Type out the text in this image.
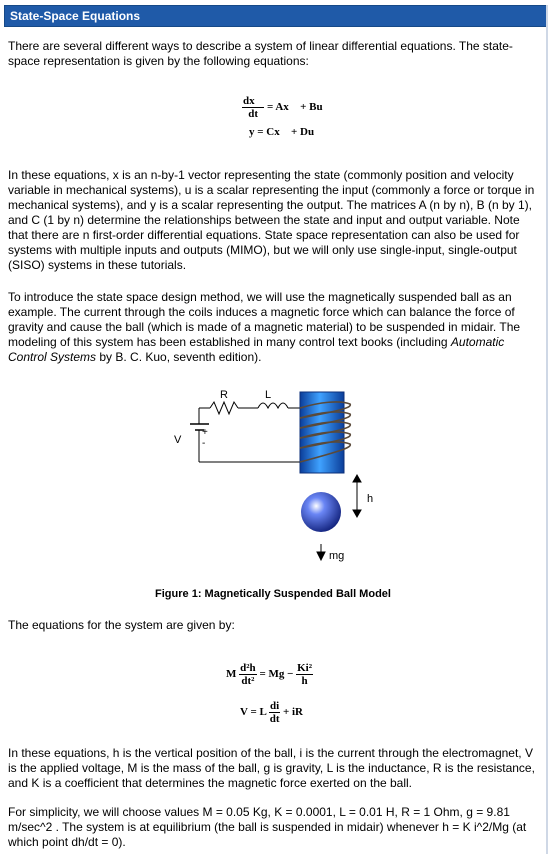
State-Space Equations

There are several different ways to describe a system of linear differential equations. The state-space representation is given by the following equations:

$\frac{dx⃗}{dt}$ = Ax⃗ + Bu
y = Cx⃗ + Du

In these equations, x is an n-by-1 vector representing the state (commonly position and velocity variable in mechanical systems), u is a scalar representing the input (commonly a force or torque in mechanical systems), and y is a scalar representing the output. The matrices A (n by n), B (n by 1), and C (1 by n) determine the relationships between the state and input and output variable. Note that there are n first-order differential equations. State space representation can also be used for systems with multiple inputs and outputs (MIMO), but we will only use single-input, single-output (SISO) systems in these tutorials.

To introduce the state space design method, we will use the magnetically suspended ball as an example. The current through the coils induces a magnetic force which can balance the force of gravity and cause the ball (which is made of a magnetic material) to be suspended in midair. The modeling of this system has been established in many control text books (including Automatic Control Systems by B. C. Kuo, seventh edition).

V
+
-
R	L
h
mg
Figure 1: Magnetically Suspended Ball Model

The equations for the system are given by:

M $\frac{\text{d²h}}{\text{dt²}} = Mg - \frac{\text{Ki²}}{h}$
V = L $\frac{di}{dt}$ + iR

In these equations, h is the vertical position of the ball, i is the current through the electromagnet, V is the applied voltage, M is the mass of the ball, g is gravity, L is the inductance, R is the resistance, and K is a coefficient that determines the magnetic force exerted on the ball.

For simplicity, we will choose values M = 0.05 Kg, K = 0.0001, L = 0.01 H, R = 1 Ohm, g = 9.81 m/sec^2 . The system is at equilibrium (the ball is suspended in midair) whenever h = K i^2/Mg (at which point dh/dt = 0).
